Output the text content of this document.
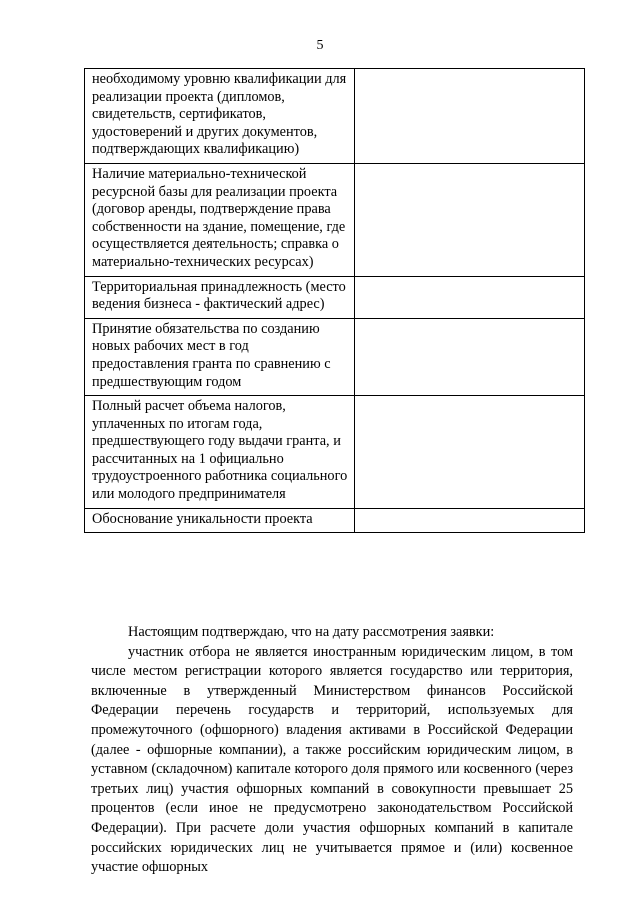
5
необходимому уровню квалификации для реализации проекта (дипломов, свидетельств, сертификатов, удостоверений и других документов, подтверждающих квалификацию)	
Наличие материально-технической ресурсной базы для реализации проекта (договор аренды, подтверждение права собственности на здание, помещение, где осуществляется деятельность; справка о материально-технических ресурсах)	
Территориальная принадлежность (место ведения бизнеса - фактический адрес)	
Принятие обязательства по созданию новых рабочих мест в год предоставления гранта по сравнению с предшествующим годом	
Полный расчет объема налогов, уплаченных по итогам года, предшествующего году выдачи гранта, и рассчитанных на 1 официально трудоустроенного работника социального или молодого предпринимателя	
Обоснование уникальности проекта	

Настоящим подтверждаю, что на дату рассмотрения заявки:

участник отбора не является иностранным юридическим лицом, в том числе местом регистрации которого является государство или территория, включенные в утвержденный Министерством финансов Российской Федерации перечень государств и территорий, используемых для промежуточного (офшорного) владения активами в Российской Федерации (далее - офшорные компании), а также российским юридическим лицом, в уставном (складочном) капитале которого доля прямого или косвенного (через третьих лиц) участия офшорных компаний в совокупности превышает 25 процентов (если иное не предусмотрено законодательством Российской Федерации). При расчете доли участия офшорных компаний в капитале российских юридических лиц не учитывается прямое и (или) косвенное участие офшорных
